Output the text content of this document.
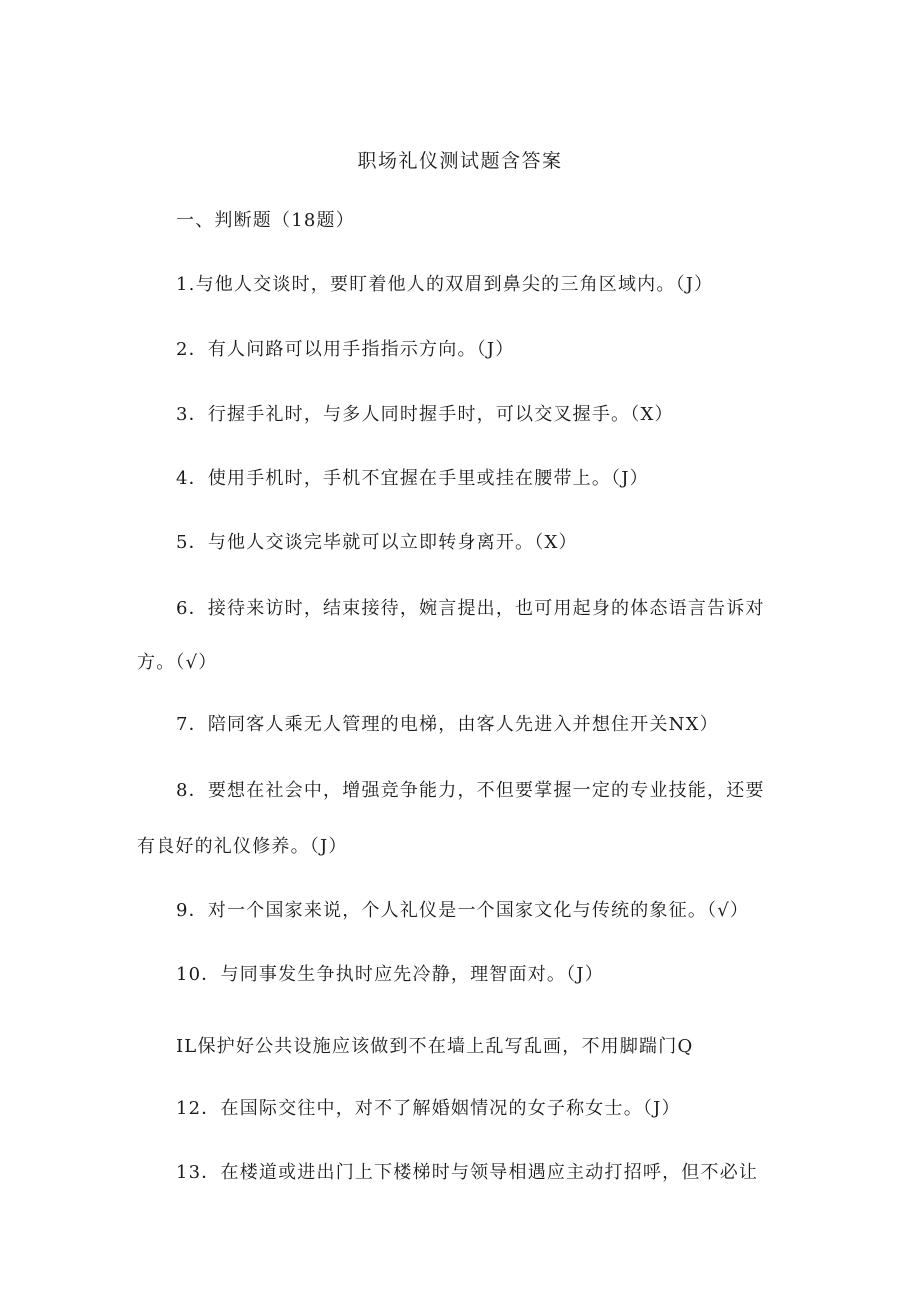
职场礼仪测试题含答案
一、判断题（18题）
1.与他人交谈时，要盯着他人的双眉到鼻尖的三角区域内。（J）
2．有人问路可以用手指指示方向。（J）
3．行握手礼时，与多人同时握手时，可以交叉握手。（X）
4．使用手机时，手机不宜握在手里或挂在腰带上。（J）
5．与他人交谈完毕就可以立即转身离开。（X）
6．接待来访时，结束接待，婉言提出，也可用起身的体态语言告诉对
方。（√）
7．陪同客人乘无人管理的电梯，由客人先进入并想住开关NX）
8．要想在社会中，增强竞争能力，不但要掌握一定的专业技能，还要
有良好的礼仪修养。（J）
9．对一个国家来说，个人礼仪是一个国家文化与传统的象征。（√）
10．与同事发生争执时应先冷静，理智面对。（J）
IL保护好公共设施应该做到不在墙上乱写乱画，不用脚踹门Q
12．在国际交往中，对不了解婚姻情况的女子称女士。（J）
13．在楼道或进出门上下楼梯时与领导相遇应主动打招呼，但不必让
